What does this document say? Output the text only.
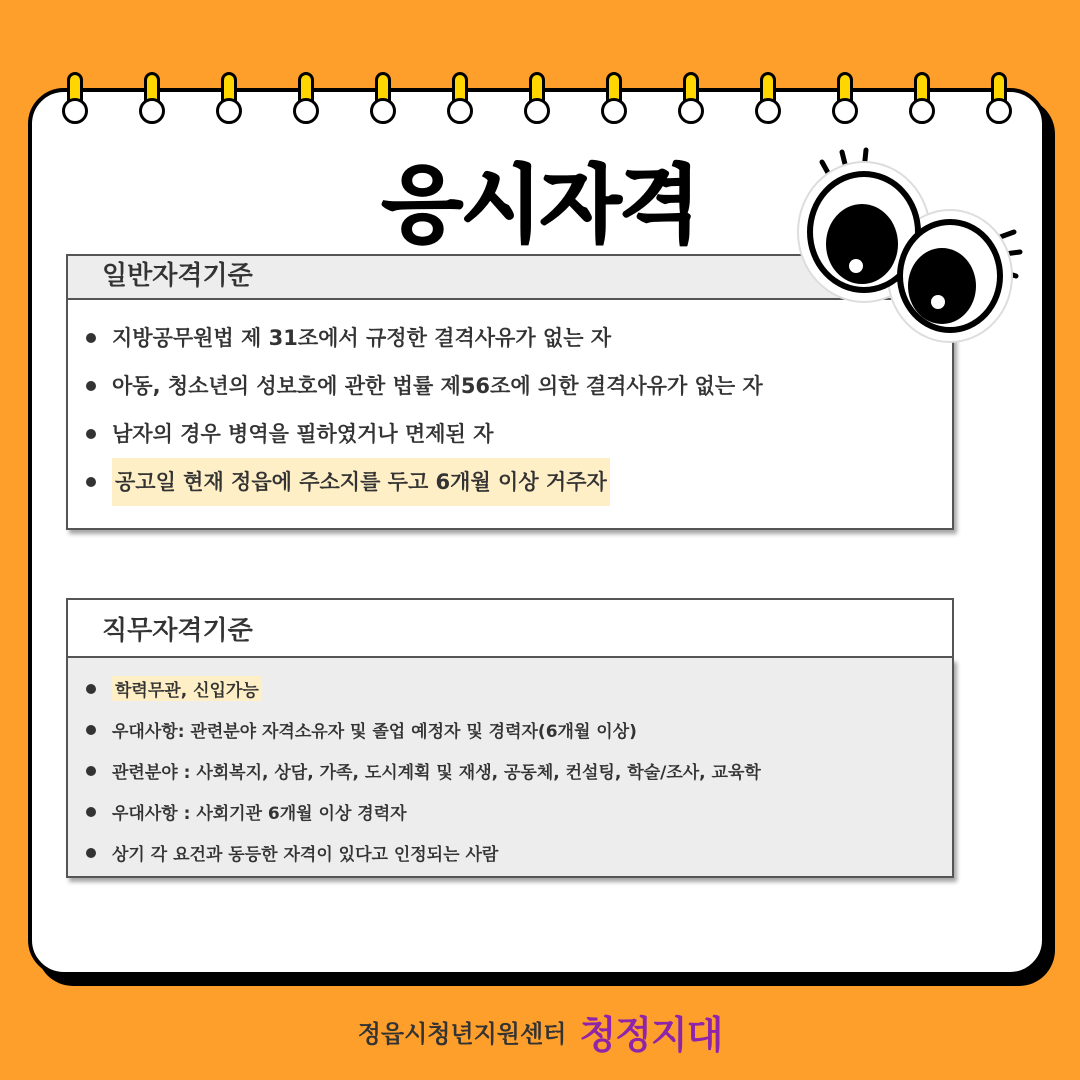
응시자격
일반자격기준
지방공무원법 제 31조에서 규정한 결격사유가 없는 자
아동, 청소년의 성보호에 관한 법률 제56조에 의한 결격사유가 없는 자
남자의 경우 병역을 필하였거나 면제된 자
공고일 현재 정읍에 주소지를 두고 6개월 이상 거주자
직무자격기준
학력무관, 신입가능
우대사항: 관련분야 자격소유자 및 졸업 예정자 및 경력자(6개월 이상)
관련분야 : 사회복지, 상담, 가족, 도시계획 및 재생, 공동체, 컨설팅, 학술/조사, 교육학
우대사항 : 사회기관 6개월 이상 경력자
상기 각 요건과 동등한 자격이 있다고 인정되는 사람
정읍시청년지원센터 청정지대
